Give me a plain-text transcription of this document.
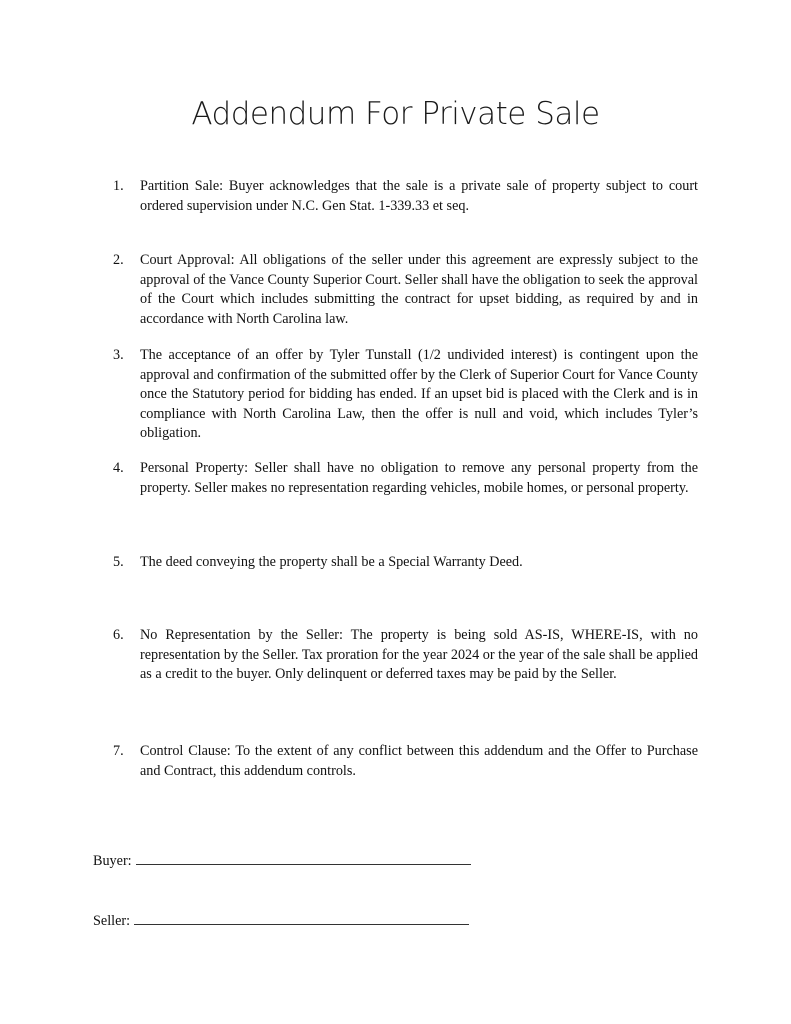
Addendum For Private Sale
1.	Partition Sale: Buyer acknowledges that the sale is a private sale of property subject to court ordered supervision under N.C. Gen Stat. 1-339.33 et seq.
2.	Court Approval: All obligations of the seller under this agreement are expressly subject to the approval of the Vance County Superior Court. Seller shall have the obligation to seek the approval of the Court which includes submitting the contract for upset bidding, as required by and in accordance with North Carolina law.
3.	The acceptance of an offer by Tyler Tunstall (1/2 undivided interest) is contingent upon the approval and confirmation of the submitted offer by the Clerk of Superior Court for Vance County once the Statutory period for bidding has ended. If an upset bid is placed with the Clerk and is in compliance with North Carolina Law, then the offer is null and void, which includes Tyler’s obligation.
4.	Personal Property: Seller shall have no obligation to remove any personal property from the property. Seller makes no representation regarding vehicles, mobile homes, or personal property.
5.	The deed conveying the property shall be a Special Warranty Deed.
6.	No Representation by the Seller: The property is being sold AS-IS, WHERE-IS, with no representation by the Seller. Tax proration for the year 2024 or the year of the sale shall be applied as a credit to the buyer. Only delinquent or deferred taxes may be paid by the Seller.
7.	Control Clause: To the extent of any conflict between this addendum and the Offer to Purchase and Contract, this addendum controls.
Buyer:
Seller:
